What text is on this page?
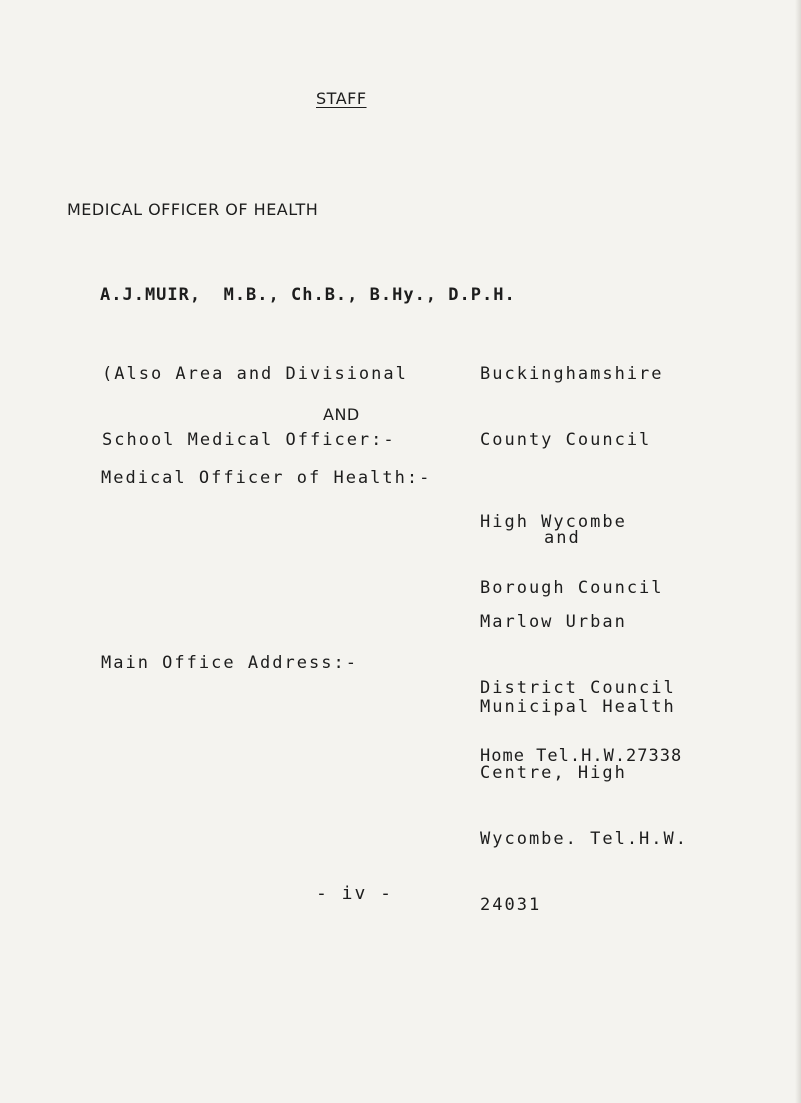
STAFF

MEDICAL OFFICER OF HEALTH

A.J.MUIR,  M.B., Ch.B., B.Hy., D.P.H.

(Also Area and Divisional

School Medical Officer:-

Buckinghamshire

County Council

AND

Medical Officer of Health:-

High Wycombe

Borough Council

and

Marlow Urban

District Council

Main Office Address:-

Municipal Health

Centre, High

Wycombe. Tel.H.W.

24031

Home Tel.H.W.27338

- iv -
